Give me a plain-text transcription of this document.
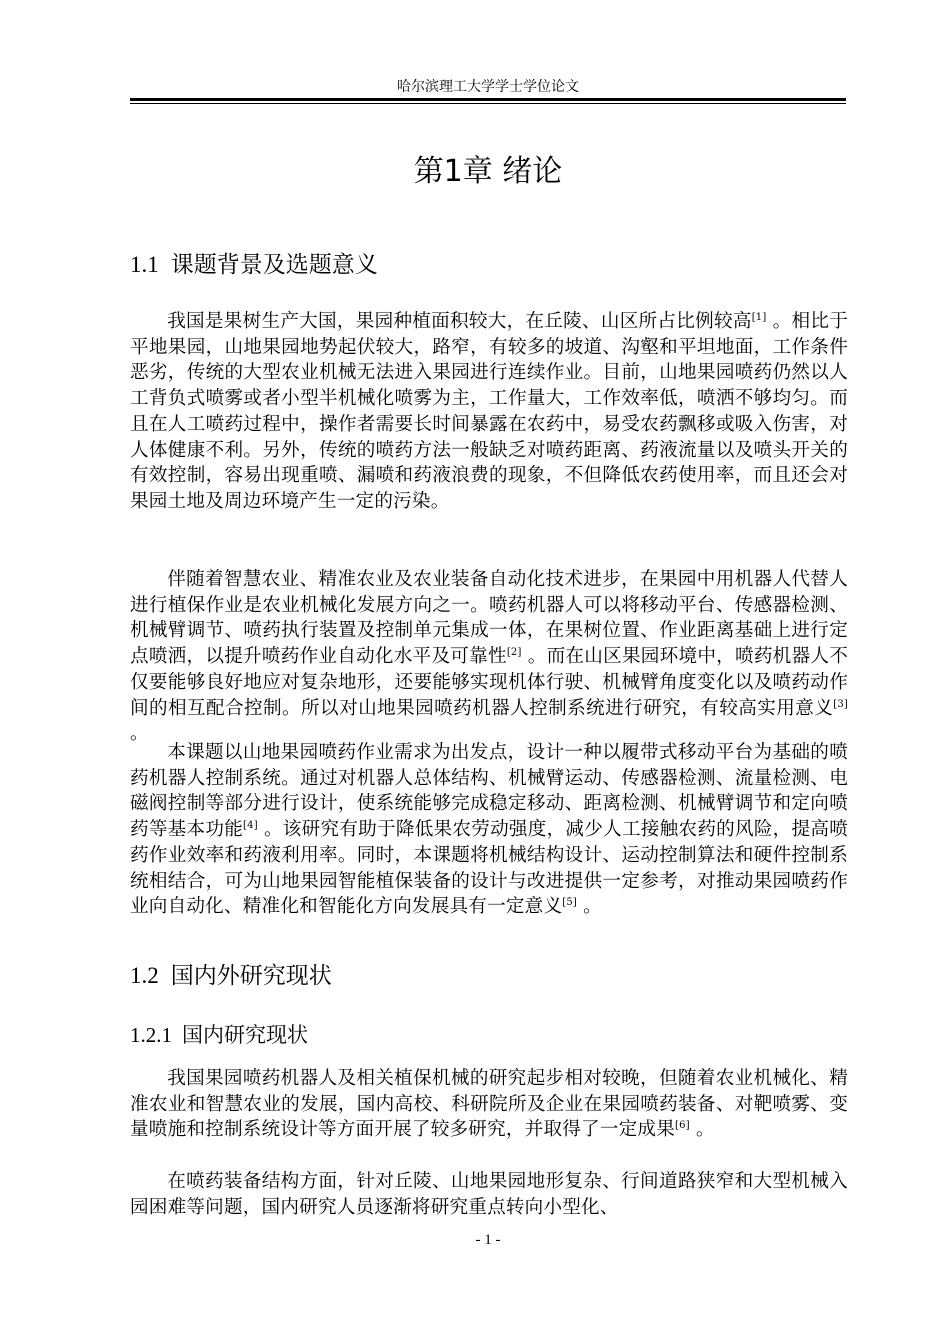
哈尔滨理工大学学士学位论文
第1章 绪论
1.1 课题背景及选题意义

我国是果树生产大国，果园种植面积较大，在丘陵、山区所占比例较高[1] 。相比于平地果园，山地果园地势起伏较大，路窄，有较多的坡道、沟壑和平坦地面，工作条件恶劣，传统的大型农业机械无法进入果园进行连续作业。目前，山地果园喷药仍然以人工背负式喷雾或者小型半机械化喷雾为主，工作量大，工作效率低，喷洒不够均匀。而且在人工喷药过程中，操作者需要长时间暴露在农药中，易受农药飘移或吸入伤害，对人体健康不利。另外，传统的喷药方法一般缺乏对喷药距离、药液流量以及喷头开关的有效控制，容易出现重喷、漏喷和药液浪费的现象，不但降低农药使用率，而且还会对果园土地及周边环境产生一定的污染。

伴随着智慧农业、精准农业及农业装备自动化技术进步，在果园中用机器人代替人进行植保作业是农业机械化发展方向之一。喷药机器人可以将移动平台、传感器检测、机械臂调节、喷药执行装置及控制单元集成一体，在果树位置、作业距离基础上进行定点喷洒，以提升喷药作业自动化水平及可靠性[2] 。而在山区果园环境中，喷药机器人不仅要能够良好地应对复杂地形，还要能够实现机体行驶、机械臂角度变化以及喷药动作间的相互配合控制。所以对山地果园喷药机器人控制系统进行研究，有较高实用意义[3] 。

本课题以山地果园喷药作业需求为出发点，设计一种以履带式移动平台为基础的喷药机器人控制系统。通过对机器人总体结构、机械臂运动、传感器检测、流量检测、电磁阀控制等部分进行设计，使系统能够完成稳定移动、距离检测、机械臂调节和定向喷药等基本功能[4] 。该研究有助于降低果农劳动强度，减少人工接触农药的风险，提高喷药作业效率和药液利用率。同时，本课题将机械结构设计、运动控制算法和硬件控制系统相结合，可为山地果园智能植保装备的设计与改进提供一定参考，对推动果园喷药作业向自动化、精准化和智能化方向发展具有一定意义[5] 。

1.2 国内外研究现状
1.2.1 国内研究现状

我国果园喷药机器人及相关植保机械的研究起步相对较晚，但随着农业机械化、精准农业和智慧农业的发展，国内高校、科研院所及企业在果园喷药装备、对靶喷雾、变量喷施和控制系统设计等方面开展了较多研究，并取得了一定成果[6] 。

在喷药装备结构方面，针对丘陵、山地果园地形复杂、行间道路狭窄和大型机械入园困难等问题，国内研究人员逐渐将研究重点转向小型化、

- 1 -
